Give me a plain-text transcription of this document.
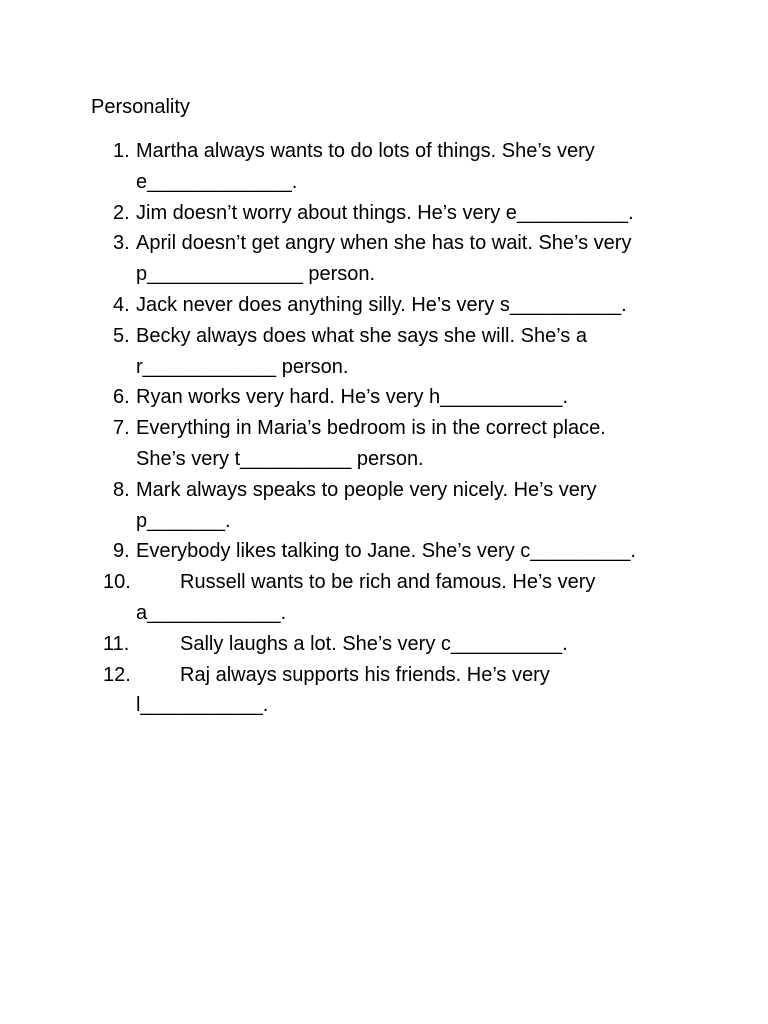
Personality
1. Martha always wants to do lots of things. She’s very
e_____________.
2. Jim doesn’t worry about things. He’s very e__________.
3. April doesn’t get angry when she has to wait. She’s very
p______________ person.
4. Jack never does anything silly. He’s very s__________.
5. Becky always does what she says she will. She’s a
r____________ person.
6. Ryan works very hard. He’s very h___________.
7. Everything in Maria’s bedroom is in the correct place.
She’s very t__________ person.
8. Mark always speaks to people very nicely. He’s very
p_______.
9. Everybody likes talking to Jane. She’s very c_________.
10.	Russell wants to be rich and famous. He’s very
a____________.
11.	Sally laughs a lot. She’s very c__________.
12.	Raj always supports his friends. He’s very
l___________.
